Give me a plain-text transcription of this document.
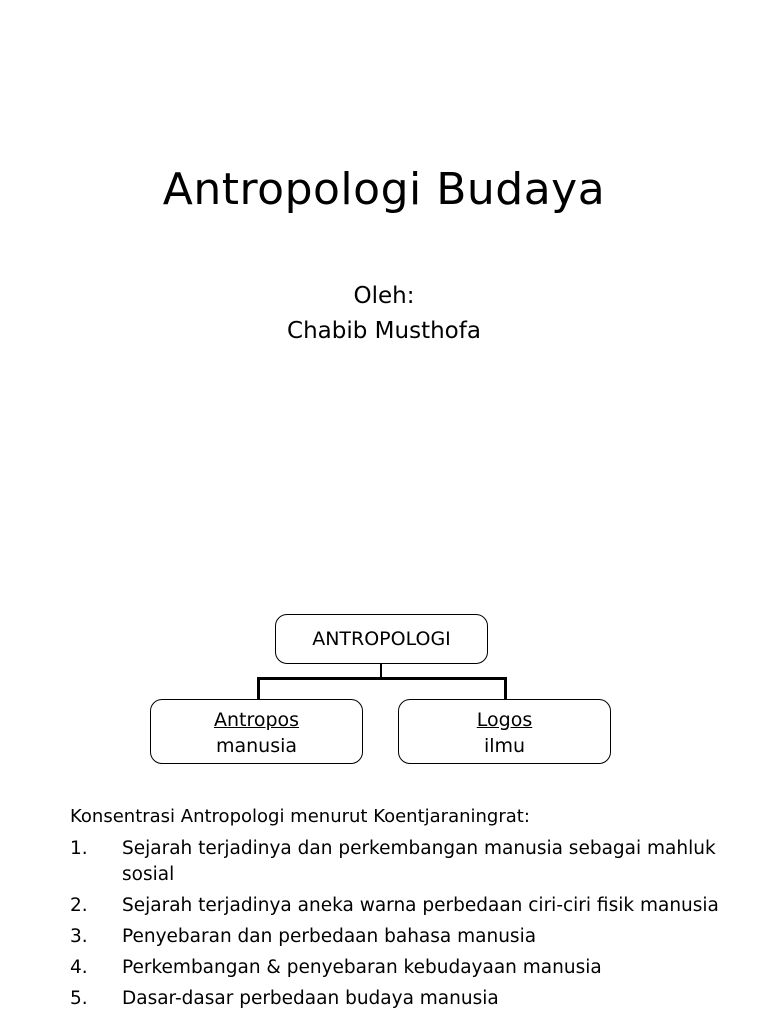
Antropologi Budaya
Oleh:
Chabib Musthofa
ANTROPOLOGI
Antropos
manusia
Logos
ilmu
Konsentrasi Antropologi menurut Koentjaraningrat:
1.	Sejarah terjadinya dan perkembangan manusia sebagai mahluk sosial
2.	Sejarah terjadinya aneka warna perbedaan ciri-ciri fisik manusia
3.	Penyebaran dan perbedaan bahasa manusia
4.	Perkembangan & penyebaran kebudayaan manusia
5.	Dasar-dasar perbedaan budaya manusia
